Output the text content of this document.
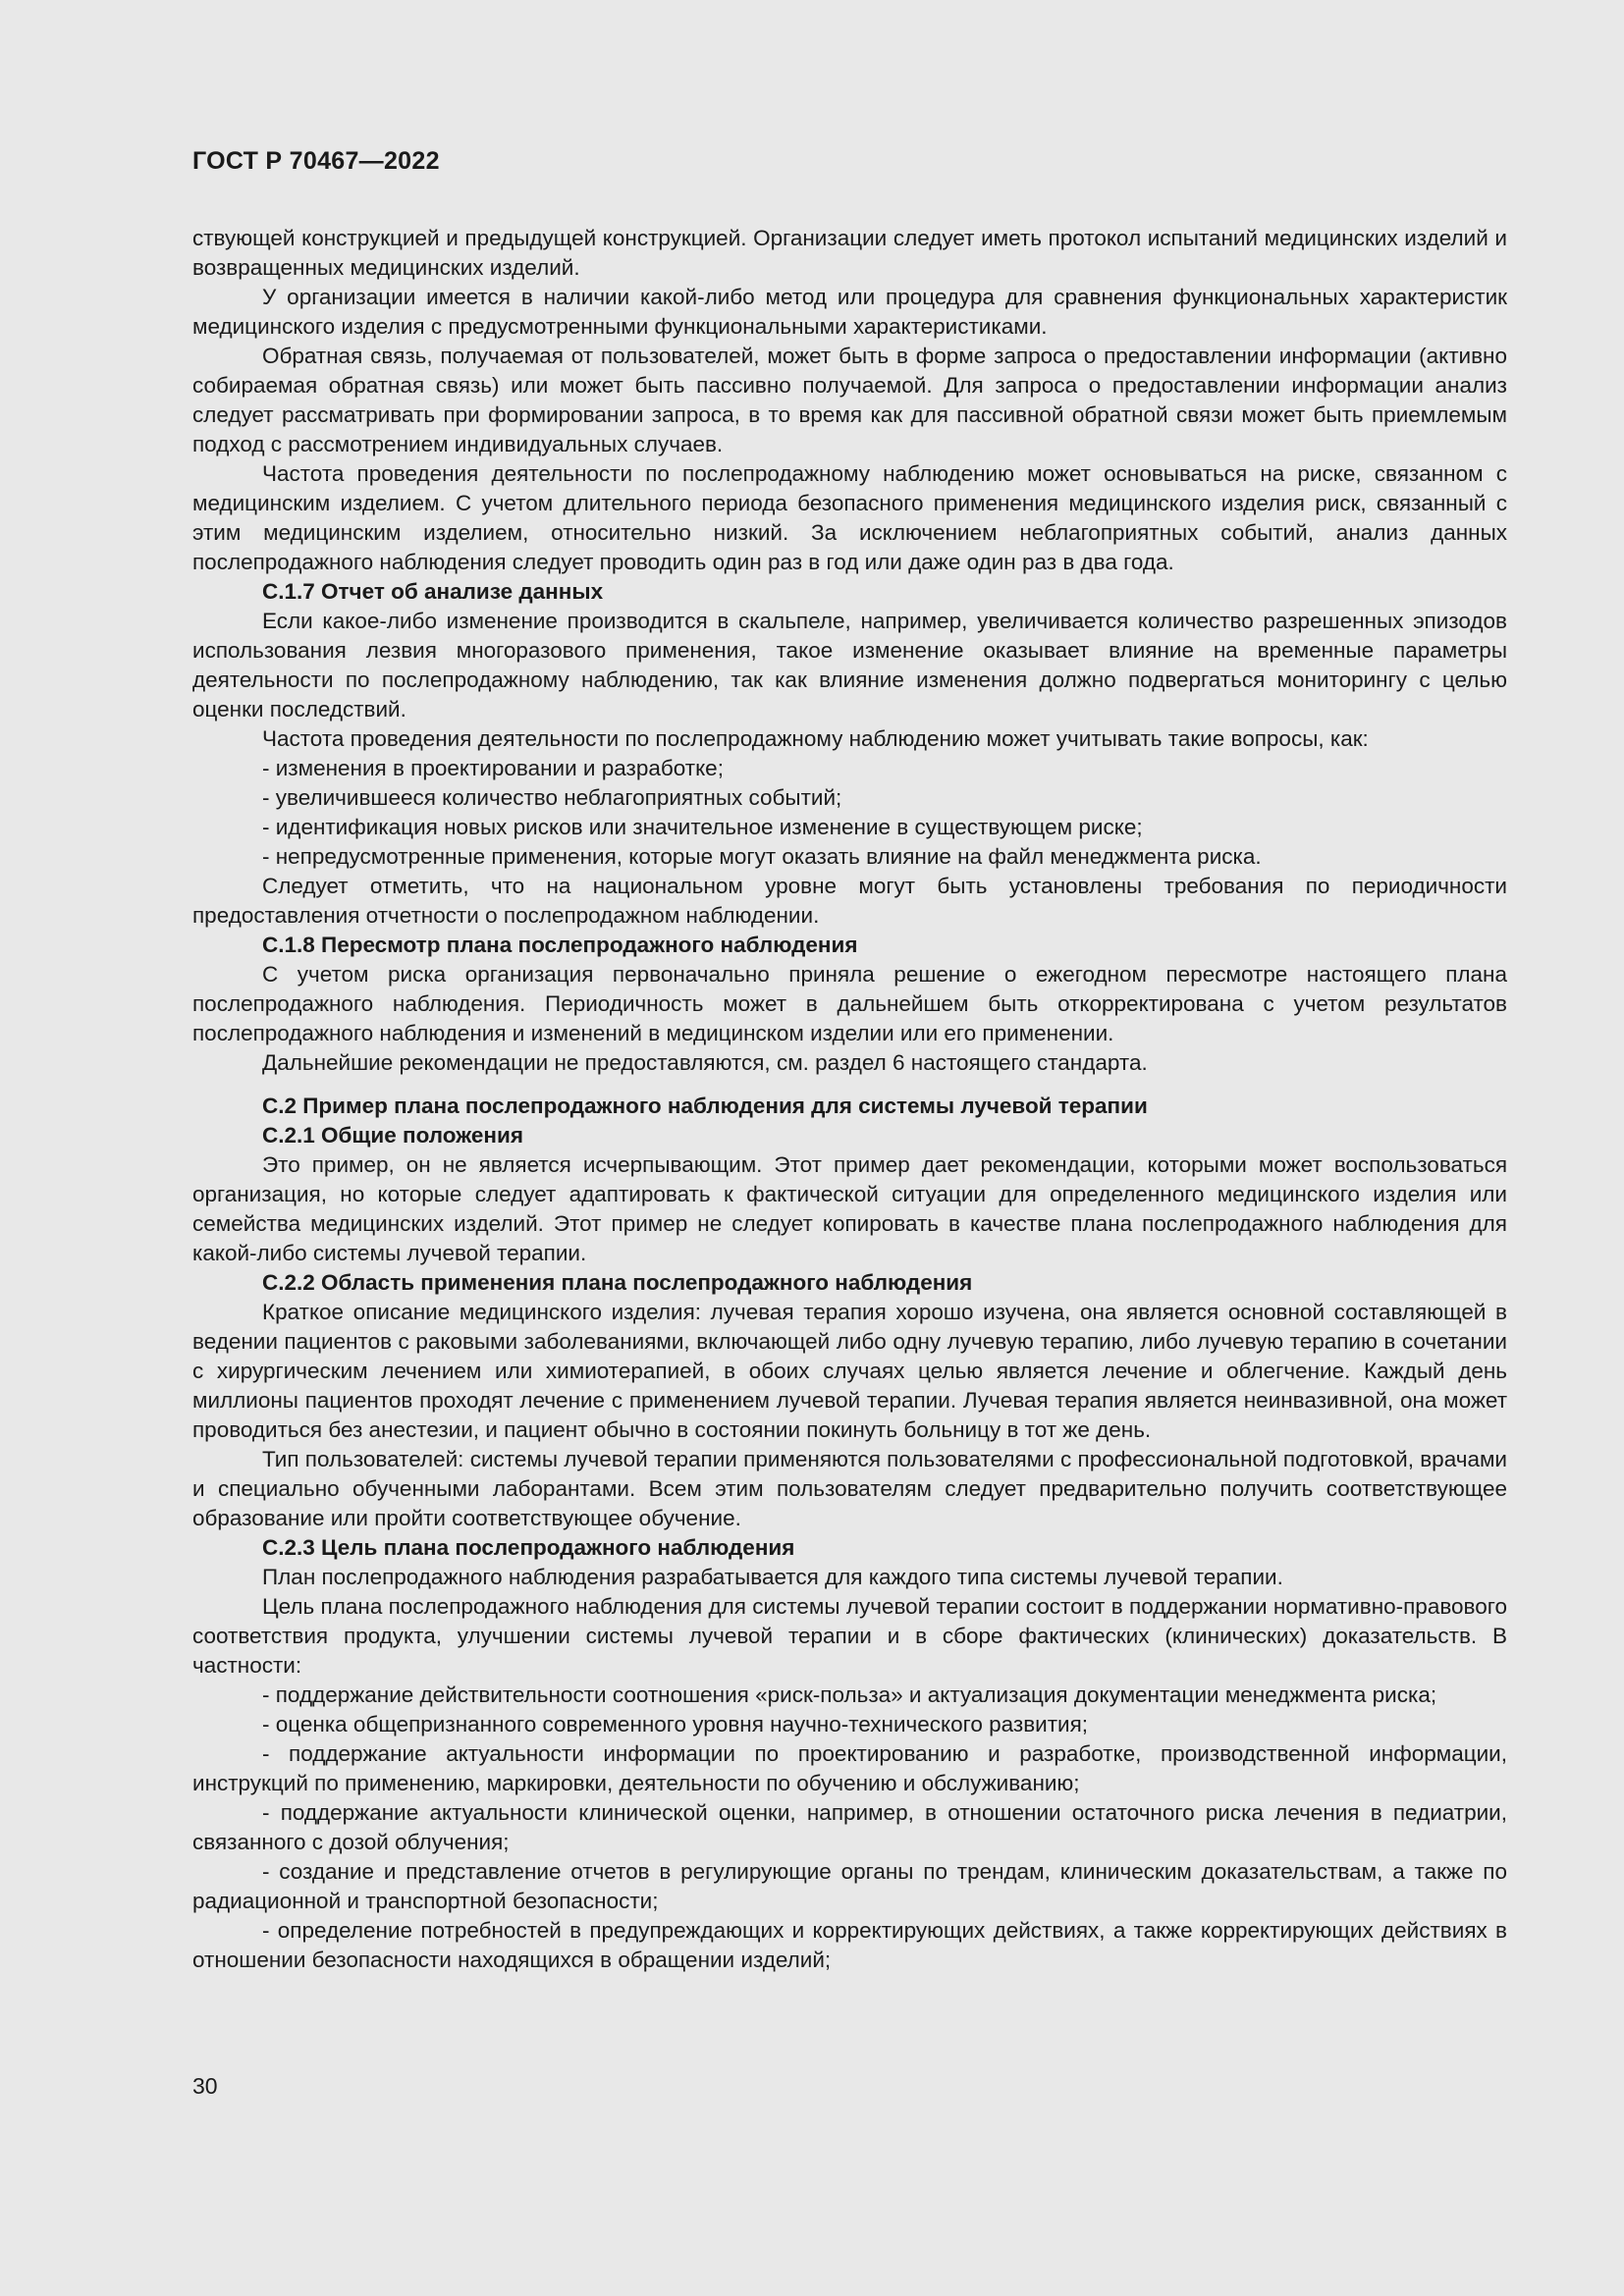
ГОСТ Р 70467—2022

ствующей конструкцией и предыдущей конструкцией. Организации следует иметь протокол испытаний медицинских изделий и возвращенных медицинских изделий.

У организации имеется в наличии какой-либо метод или процедура для сравнения функциональных характеристик медицинского изделия с предусмотренными функциональными характеристиками.

Обратная связь, получаемая от пользователей, может быть в форме запроса о предоставлении информации (активно собираемая обратная связь) или может быть пассивно получаемой. Для запроса о предоставлении информации анализ следует рассматривать при формировании запроса, в то время как для пассивной обратной связи может быть приемлемым подход с рассмотрением индивидуальных случаев.

Частота проведения деятельности по послепродажному наблюдению может основываться на риске, связанном с медицинским изделием. С учетом длительного периода безопасного применения медицинского изделия риск, связанный с этим медицинским изделием, относительно низкий. За исключением неблагоприятных событий, анализ данных послепродажного наблюдения следует проводить один раз в год или даже один раз в два года.

С.1.7 Отчет об анализе данных

Если какое-либо изменение производится в скальпеле, например, увеличивается количество разрешенных эпизодов использования лезвия многоразового применения, такое изменение оказывает влияние на временные параметры деятельности по послепродажному наблюдению, так как влияние изменения должно подвергаться мониторингу с целью оценки последствий.

Частота проведения деятельности по послепродажному наблюдению может учитывать такие вопросы, как:

- изменения в проектировании и разработке;

- увеличившееся количество неблагоприятных событий;

- идентификация новых рисков или значительное изменение в существующем риске;

- непредусмотренные применения, которые могут оказать влияние на файл менеджмента риска.

Следует отметить, что на национальном уровне могут быть установлены требования по периодичности предоставления отчетности о послепродажном наблюдении.

С.1.8 Пересмотр плана послепродажного наблюдения

С учетом риска организация первоначально приняла решение о ежегодном пересмотре настоящего плана послепродажного наблюдения. Периодичность может в дальнейшем быть откорректирована с учетом результатов послепродажного наблюдения и изменений в медицинском изделии или его применении.

Дальнейшие рекомендации не предоставляются, см. раздел 6 настоящего стандарта.

С.2 Пример плана послепродажного наблюдения для системы лучевой терапии

С.2.1 Общие положения

Это пример, он не является исчерпывающим. Этот пример дает рекомендации, которыми может воспользоваться организация, но которые следует адаптировать к фактической ситуации для определенного медицинского изделия или семейства медицинских изделий. Этот пример не следует копировать в качестве плана послепродажного наблюдения для какой-либо системы лучевой терапии.

С.2.2 Область применения плана послепродажного наблюдения

Краткое описание медицинского изделия: лучевая терапия хорошо изучена, она является основной составляющей в ведении пациентов с раковыми заболеваниями, включающей либо одну лучевую терапию, либо лучевую терапию в сочетании с хирургическим лечением или химиотерапией, в обоих случаях целью является лечение и облегчение. Каждый день миллионы пациентов проходят лечение с применением лучевой терапии. Лучевая терапия является неинвазивной, она может проводиться без анестезии, и пациент обычно в состоянии покинуть больницу в тот же день.

Тип пользователей: системы лучевой терапии применяются пользователями с профессиональной подготовкой, врачами и специально обученными лаборантами. Всем этим пользователям следует предварительно получить соответствующее образование или пройти соответствующее обучение.

С.2.3 Цель плана послепродажного наблюдения

План послепродажного наблюдения разрабатывается для каждого типа системы лучевой терапии.

Цель плана послепродажного наблюдения для системы лучевой терапии состоит в поддержании нормативно-правового соответствия продукта, улучшении системы лучевой терапии и в сборе фактических (клинических) доказательств. В частности:

- поддержание действительности соотношения «риск-польза» и актуализация документации менеджмента риска;

- оценка общепризнанного современного уровня научно-технического развития;

- поддержание актуальности информации по проектированию и разработке, производственной информации, инструкций по применению, маркировки, деятельности по обучению и обслуживанию;

- поддержание актуальности клинической оценки, например, в отношении остаточного риска лечения в педиатрии, связанного с дозой облучения;

- создание и представление отчетов в регулирующие органы по трендам, клиническим доказательствам, а также по радиационной и транспортной безопасности;

- определение потребностей в предупреждающих и корректирующих действиях, а также корректирующих действиях в отношении безопасности находящихся в обращении изделий;

30
